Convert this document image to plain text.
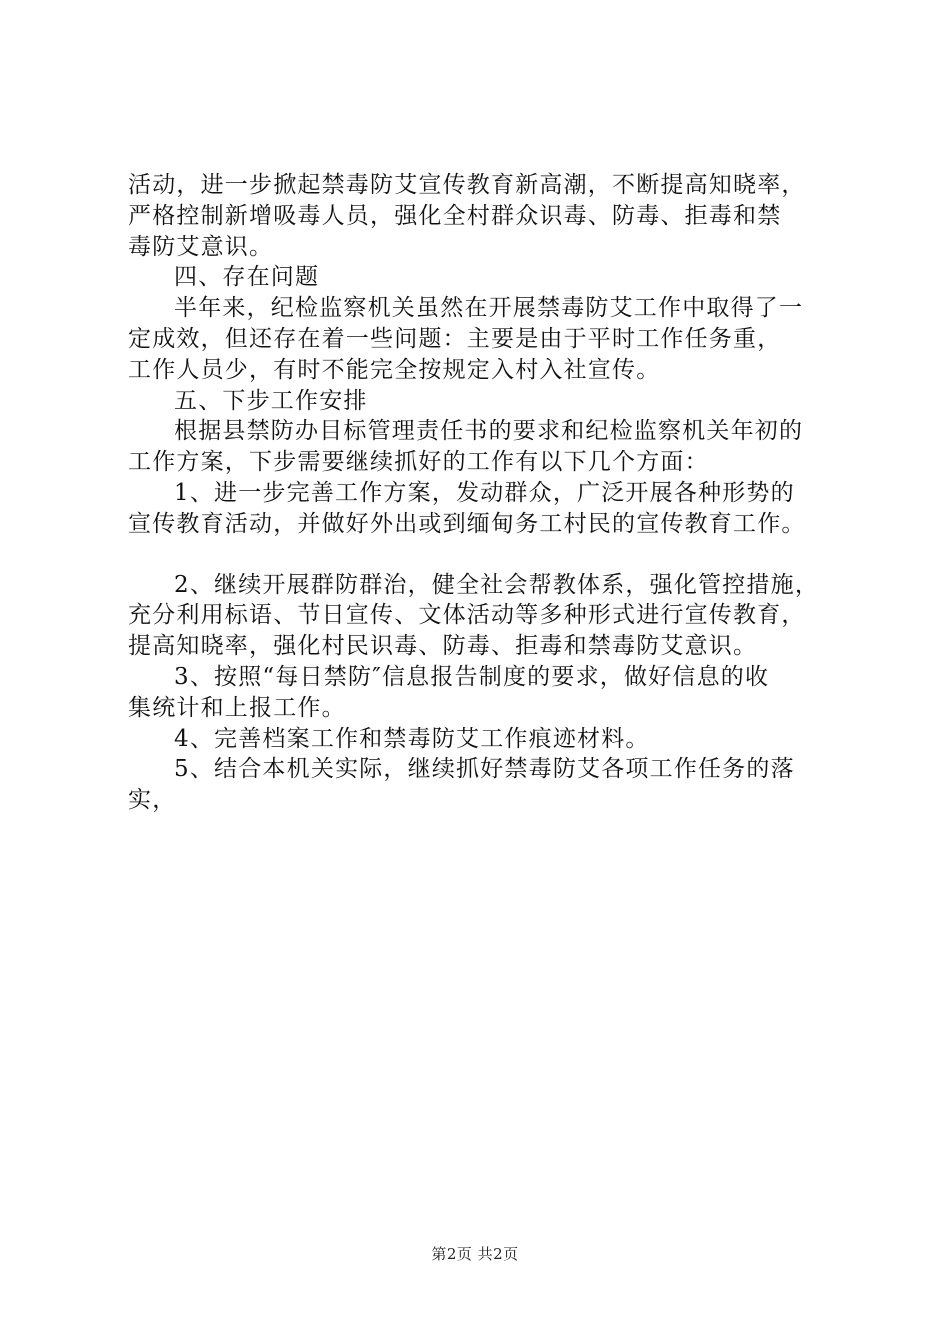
活动，进一步掀起禁毒防艾宣传教育新高潮，不断提高知晓率，
严格控制新增吸毒人员，强化全村群众识毒、防毒、拒毒和禁
毒防艾意识。
四、存在问题
半年来，纪检监察机关虽然在开展禁毒防艾工作中取得了一
定成效，但还存在着一些问题：主要是由于平时工作任务重，
工作人员少，有时不能完全按规定入村入社宣传。
五、下步工作安排
根据县禁防办目标管理责任书的要求和纪检监察机关年初的
工作方案，下步需要继续抓好的工作有以下几个方面：
1、进一步完善工作方案，发动群众，广泛开展各种形势的
宣传教育活动，并做好外出或到缅甸务工村民的宣传教育工作。
2、继续开展群防群治，健全社会帮教体系，强化管控措施，
充分利用标语、节日宣传、文体活动等多种形式进行宣传教育，
提高知晓率，强化村民识毒、防毒、拒毒和禁毒防艾意识。
3、按照“每日禁防″信息报告制度的要求，做好信息的收
集统计和上报工作。
4、完善档案工作和禁毒防艾工作痕迹材料。
5、结合本机关实际，继续抓好禁毒防艾各项工作任务的落
实，
第2页 共2页
